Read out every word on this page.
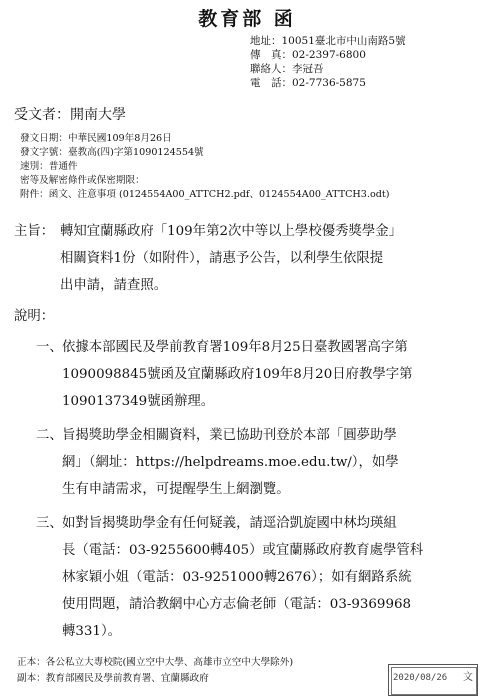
教育部 函
地址：10051臺北市中山南路5號
傳　真：02-2397-6800
聯絡人：李冠吾
電　話：02-7736-5875
受文者：開南大學
發文日期：中華民國109年8月26日
發文字號：臺教高(四)字第1090124554號
速別：普通件
密等及解密條件或保密期限：
附件：函文、注意事項 (0124554A00_ATTCH2.pdf、0124554A00_ATTCH3.odt)
主旨： 轉知宜蘭縣政府「109年第2次中等以上學校優秀獎學金」
相關資料1份（如附件），請惠予公告，以利學生依限提
出申請，請查照。
說明：
一、 依據本部國民及學前教育署109年8月25日臺教國署高字第
1090098845號函及宜蘭縣政府109年8月20日府教學字第
1090137349號函辦理。
二、 旨揭獎助學金相關資料，業已協助刊登於本部「圓夢助學
網」（網址：https://helpdreams.moe.edu.tw/），如學
生有申請需求，可提醒學生上網瀏覽。
三、 如對旨揭獎助學金有任何疑義，請逕洽凱旋國中林均瑛組
長（電話：03-9255600轉405）或宜蘭縣政府教育處學管科
林家穎小姐（電話：03-9251000轉2676）；如有網路系統
使用問題，請洽教網中心方志倫老師（電話：03-9369968
轉331）。
正本：各公私立大專校院(國立空中大學、高雄市立空中大學除外)
副本：教育部國民及學前教育署、宜蘭縣政府	2020/08/26 文
